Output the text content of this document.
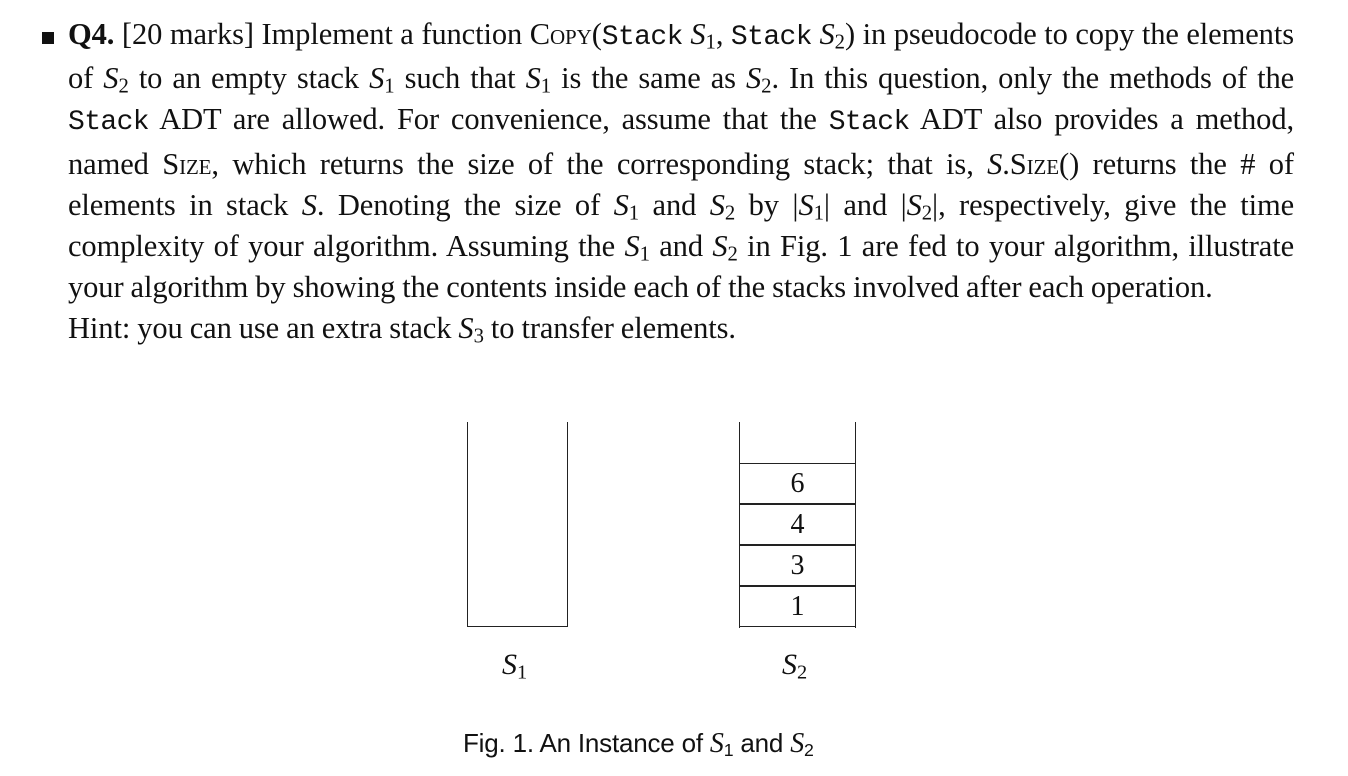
Q4. [20 marks] Implement a function Copy(Stack $S_1$, Stack $S_2$) in pseudocode to copy the elements of $S_2$ to an empty stack $S_1$ such that $S_1$ is the same as $S_2$. In this question, only the methods of the Stack ADT are allowed. For convenience, assume that the Stack ADT also provides a method, named Size, which returns the size of the corresponding stack; that is, S.Size() returns the # of elements in stack S. Denoting the size of $S_1$ and $S_2$ by $|S_1|$ and $|S_2|$, respectively, give the time complexity of your algorithm. Assuming the $S_1$ and $S_2$ in Fig. 1 are fed to your algorithm, illustrate your algorithm by showing the contents inside each of the stacks involved after each operation.

Hint: you can use an extra stack $S_3$ to transfer elements.

$S_1$
6
4
3
1
$S_2$
Fig. 1. An Instance of $S_1$ and $S_2$
